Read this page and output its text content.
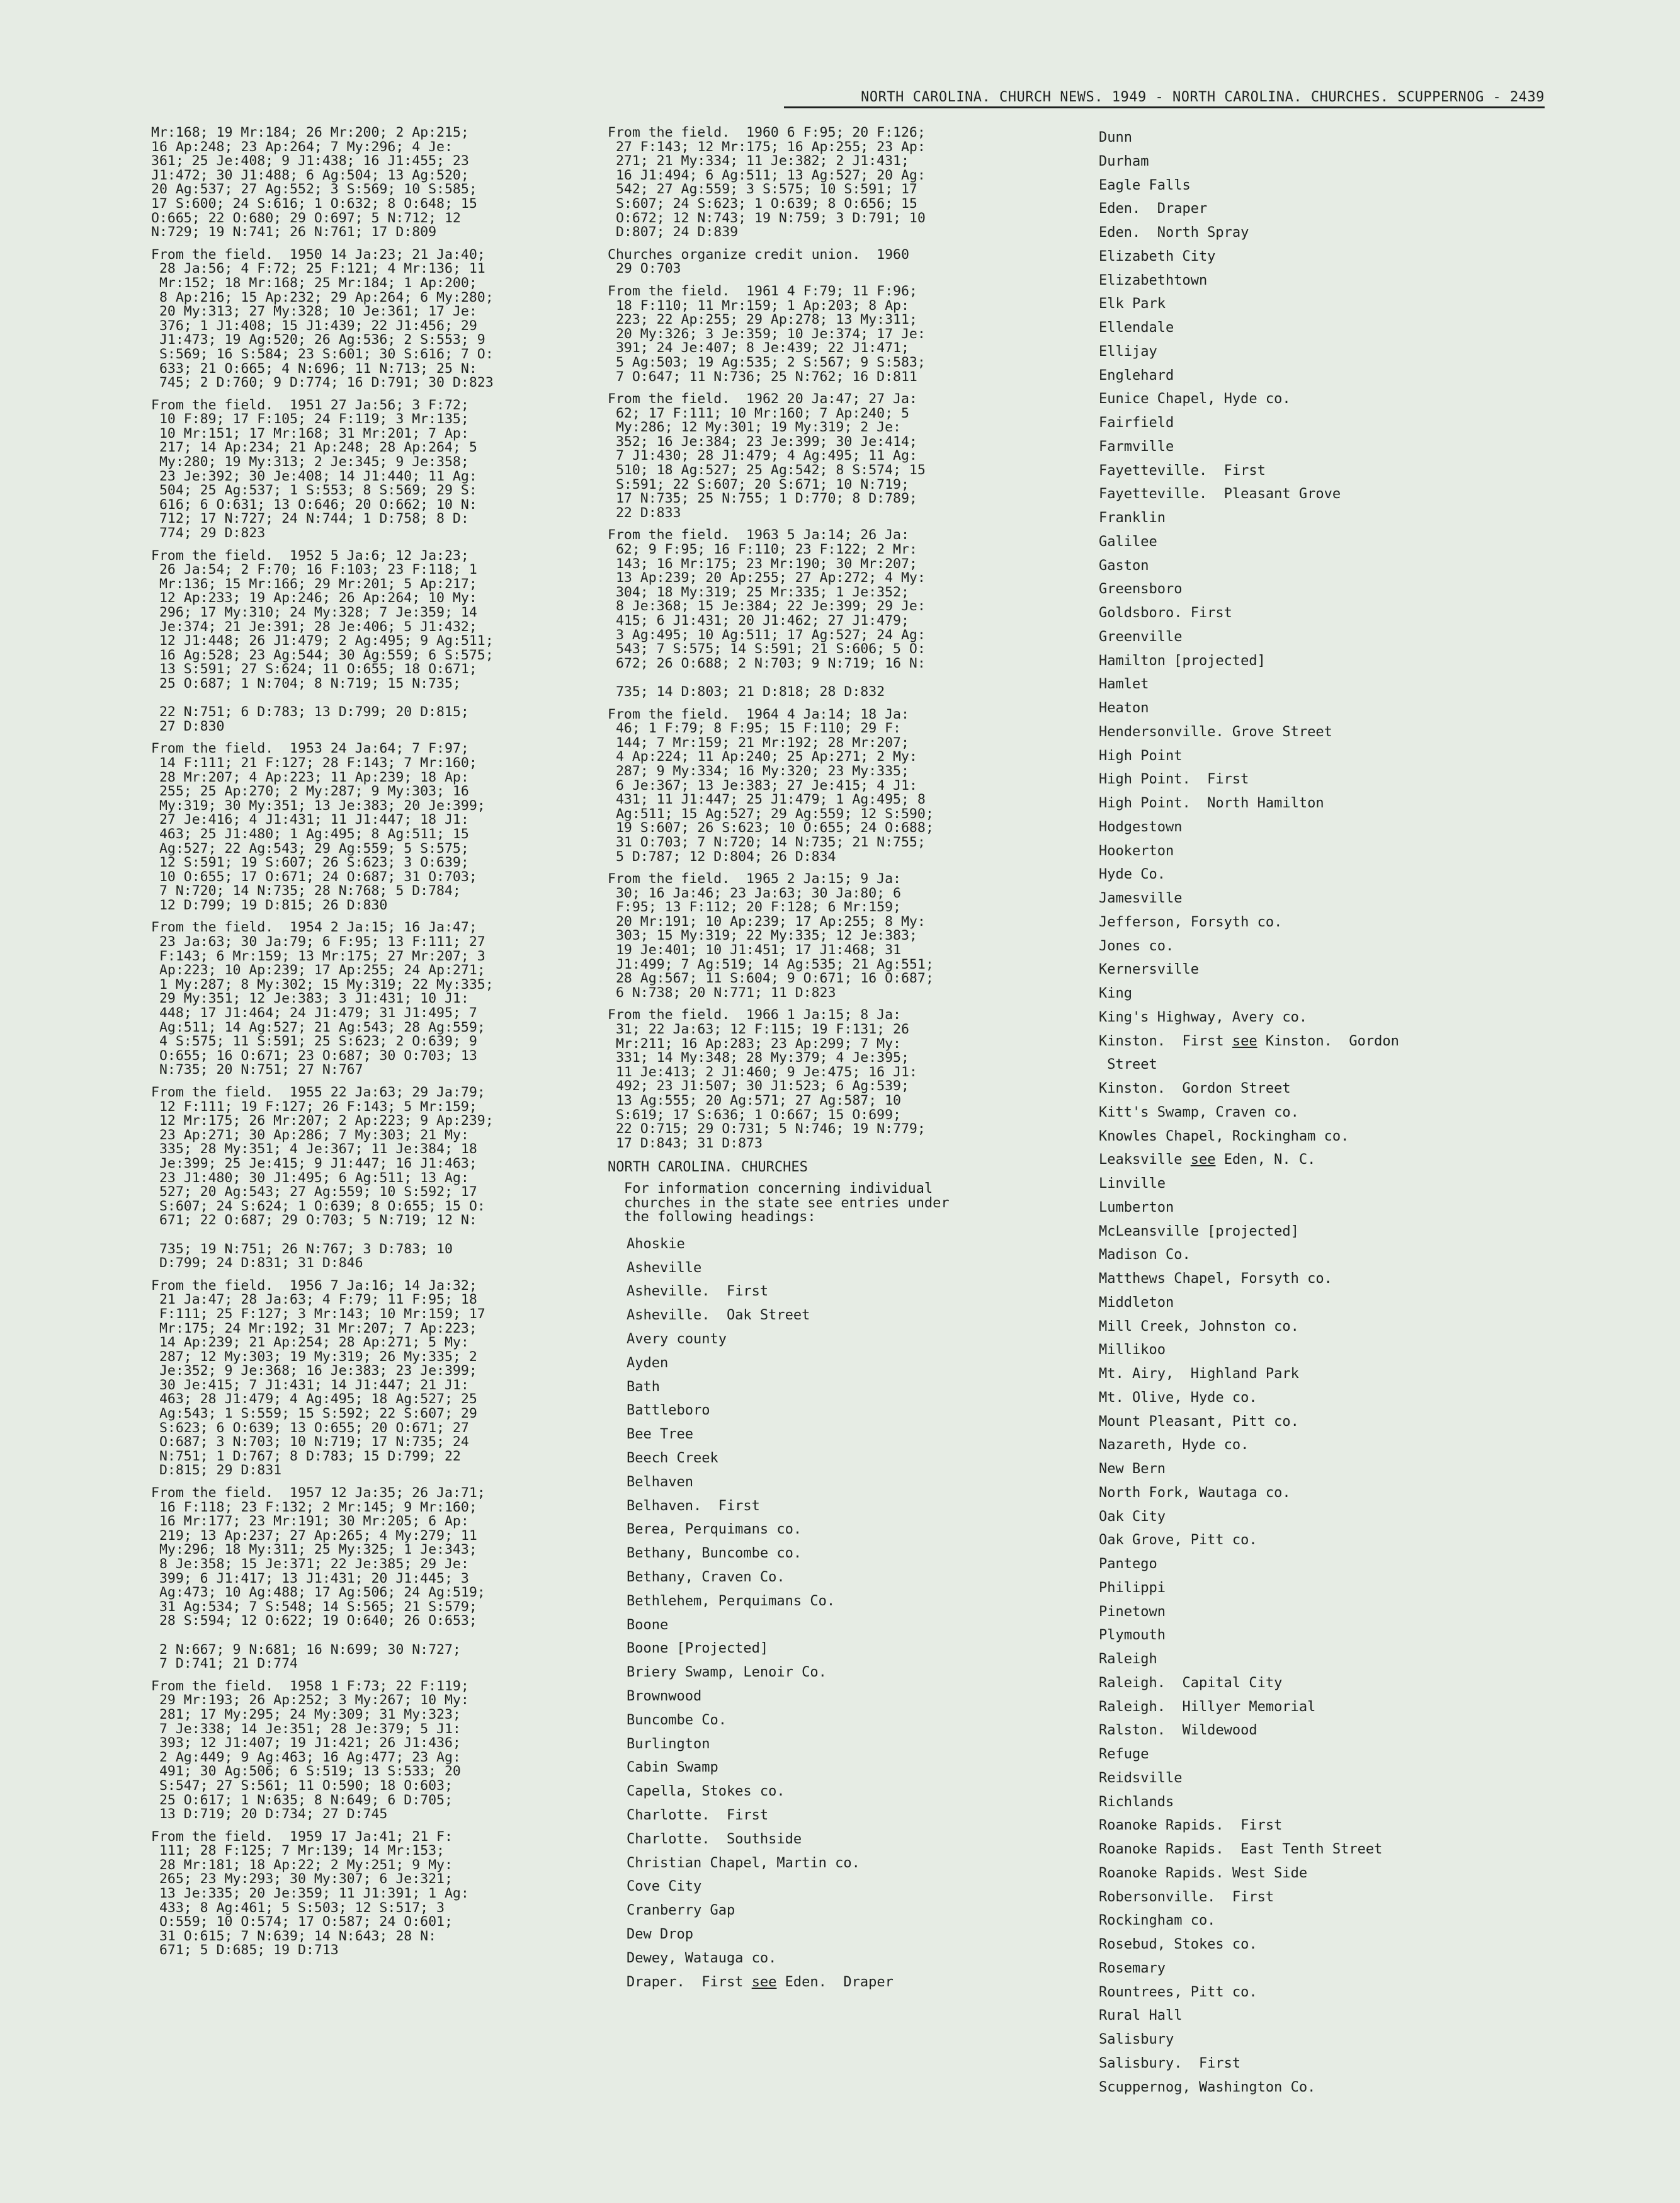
NORTH CAROLINA. CHURCH NEWS. 1949 - NORTH CAROLINA. CHURCHES. SCUPPERNOG - 2439
Mr:168; 19 Mr:184; 26 Mr:200; 2 Ap:215;
16 Ap:248; 23 Ap:264; 7 My:296; 4 Je:
361; 25 Je:408; 9 J1:438; 16 J1:455; 23
J1:472; 30 J1:488; 6 Ag:504; 13 Ag:520;
20 Ag:537; 27 Ag:552; 3 S:569; 10 S:585;
17 S:600; 24 S:616; 1 O:632; 8 O:648; 15
O:665; 22 O:680; 29 O:697; 5 N:712; 12
N:729; 19 N:741; 26 N:761; 17 D:809
From the field.  1950 14 Ja:23; 21 Ja:40;
28 Ja:56; 4 F:72; 25 F:121; 4 Mr:136; 11
Mr:152; 18 Mr:168; 25 Mr:184; 1 Ap:200;
8 Ap:216; 15 Ap:232; 29 Ap:264; 6 My:280;
20 My:313; 27 My:328; 10 Je:361; 17 Je:
376; 1 J1:408; 15 J1:439; 22 J1:456; 29
J1:473; 19 Ag:520; 26 Ag:536; 2 S:553; 9
S:569; 16 S:584; 23 S:601; 30 S:616; 7 O:
633; 21 O:665; 4 N:696; 11 N:713; 25 N:
745; 2 D:760; 9 D:774; 16 D:791; 30 D:823
From the field.  1951 27 Ja:56; 3 F:72;
10 F:89; 17 F:105; 24 F:119; 3 Mr:135;
10 Mr:151; 17 Mr:168; 31 Mr:201; 7 Ap:
217; 14 Ap:234; 21 Ap:248; 28 Ap:264; 5
My:280; 19 My:313; 2 Je:345; 9 Je:358;
23 Je:392; 30 Je:408; 14 J1:440; 11 Ag:
504; 25 Ag:537; 1 S:553; 8 S:569; 29 S:
616; 6 O:631; 13 O:646; 20 O:662; 10 N:
712; 17 N:727; 24 N:744; 1 D:758; 8 D:
774; 29 D:823
From the field.  1952 5 Ja:6; 12 Ja:23;
26 Ja:54; 2 F:70; 16 F:103; 23 F:118; 1
Mr:136; 15 Mr:166; 29 Mr:201; 5 Ap:217;
12 Ap:233; 19 Ap:246; 26 Ap:264; 10 My:
296; 17 My:310; 24 My:328; 7 Je:359; 14
Je:374; 21 Je:391; 28 Je:406; 5 J1:432;
12 J1:448; 26 J1:479; 2 Ag:495; 9 Ag:511;
16 Ag:528; 23 Ag:544; 30 Ag:559; 6 S:575;
13 S:591; 27 S:624; 11 O:655; 18 O:671;
25 O:687; 1 N:704; 8 N:719; 15 N:735;

22 N:751; 6 D:783; 13 D:799; 20 D:815;
27 D:830
From the field.  1953 24 Ja:64; 7 F:97;
14 F:111; 21 F:127; 28 F:143; 7 Mr:160;
28 Mr:207; 4 Ap:223; 11 Ap:239; 18 Ap:
255; 25 Ap:270; 2 My:287; 9 My:303; 16
My:319; 30 My:351; 13 Je:383; 20 Je:399;
27 Je:416; 4 J1:431; 11 J1:447; 18 J1:
463; 25 J1:480; 1 Ag:495; 8 Ag:511; 15
Ag:527; 22 Ag:543; 29 Ag:559; 5 S:575;
12 S:591; 19 S:607; 26 S:623; 3 O:639;
10 O:655; 17 O:671; 24 O:687; 31 O:703;
7 N:720; 14 N:735; 28 N:768; 5 D:784;
12 D:799; 19 D:815; 26 D:830
From the field.  1954 2 Ja:15; 16 Ja:47;
23 Ja:63; 30 Ja:79; 6 F:95; 13 F:111; 27
F:143; 6 Mr:159; 13 Mr:175; 27 Mr:207; 3
Ap:223; 10 Ap:239; 17 Ap:255; 24 Ap:271;
1 My:287; 8 My:302; 15 My:319; 22 My:335;
29 My:351; 12 Je:383; 3 J1:431; 10 J1:
448; 17 J1:464; 24 J1:479; 31 J1:495; 7
Ag:511; 14 Ag:527; 21 Ag:543; 28 Ag:559;
4 S:575; 11 S:591; 25 S:623; 2 O:639; 9
O:655; 16 O:671; 23 O:687; 30 O:703; 13
N:735; 20 N:751; 27 N:767
From the field.  1955 22 Ja:63; 29 Ja:79;
12 F:111; 19 F:127; 26 F:143; 5 Mr:159;
12 Mr:175; 26 Mr:207; 2 Ap:223; 9 Ap:239;
23 Ap:271; 30 Ap:286; 7 My:303; 21 My:
335; 28 My:351; 4 Je:367; 11 Je:384; 18
Je:399; 25 Je:415; 9 J1:447; 16 J1:463;
23 J1:480; 30 J1:495; 6 Ag:511; 13 Ag:
527; 20 Ag:543; 27 Ag:559; 10 S:592; 17
S:607; 24 S:624; 1 O:639; 8 O:655; 15 O:
671; 22 O:687; 29 O:703; 5 N:719; 12 N:

735; 19 N:751; 26 N:767; 3 D:783; 10
D:799; 24 D:831; 31 D:846
From the field.  1956 7 Ja:16; 14 Ja:32;
21 Ja:47; 28 Ja:63; 4 F:79; 11 F:95; 18
F:111; 25 F:127; 3 Mr:143; 10 Mr:159; 17
Mr:175; 24 Mr:192; 31 Mr:207; 7 Ap:223;
14 Ap:239; 21 Ap:254; 28 Ap:271; 5 My:
287; 12 My:303; 19 My:319; 26 My:335; 2
Je:352; 9 Je:368; 16 Je:383; 23 Je:399;
30 Je:415; 7 J1:431; 14 J1:447; 21 J1:
463; 28 J1:479; 4 Ag:495; 18 Ag:527; 25
Ag:543; 1 S:559; 15 S:592; 22 S:607; 29
S:623; 6 O:639; 13 O:655; 20 O:671; 27
O:687; 3 N:703; 10 N:719; 17 N:735; 24
N:751; 1 D:767; 8 D:783; 15 D:799; 22
D:815; 29 D:831
From the field.  1957 12 Ja:35; 26 Ja:71;
16 F:118; 23 F:132; 2 Mr:145; 9 Mr:160;
16 Mr:177; 23 Mr:191; 30 Mr:205; 6 Ap:
219; 13 Ap:237; 27 Ap:265; 4 My:279; 11
My:296; 18 My:311; 25 My:325; 1 Je:343;
8 Je:358; 15 Je:371; 22 Je:385; 29 Je:
399; 6 J1:417; 13 J1:431; 20 J1:445; 3
Ag:473; 10 Ag:488; 17 Ag:506; 24 Ag:519;
31 Ag:534; 7 S:548; 14 S:565; 21 S:579;
28 S:594; 12 O:622; 19 O:640; 26 O:653;

2 N:667; 9 N:681; 16 N:699; 30 N:727;
7 D:741; 21 D:774
From the field.  1958 1 F:73; 22 F:119;
29 Mr:193; 26 Ap:252; 3 My:267; 10 My:
281; 17 My:295; 24 My:309; 31 My:323;
7 Je:338; 14 Je:351; 28 Je:379; 5 J1:
393; 12 J1:407; 19 J1:421; 26 J1:436;
2 Ag:449; 9 Ag:463; 16 Ag:477; 23 Ag:
491; 30 Ag:506; 6 S:519; 13 S:533; 20
S:547; 27 S:561; 11 O:590; 18 O:603;
25 O:617; 1 N:635; 8 N:649; 6 D:705;
13 D:719; 20 D:734; 27 D:745
From the field.  1959 17 Ja:41; 21 F:
111; 28 F:125; 7 Mr:139; 14 Mr:153;
28 Mr:181; 18 Ap:22; 2 My:251; 9 My:
265; 23 My:293; 30 My:307; 6 Je:321;
13 Je:335; 20 Je:359; 11 J1:391; 1 Ag:
433; 8 Ag:461; 5 S:503; 12 S:517; 3
O:559; 10 O:574; 17 O:587; 24 O:601;
31 O:615; 7 N:639; 14 N:643; 28 N:
671; 5 D:685; 19 D:713
From the field.  1960 6 F:95; 20 F:126;
27 F:143; 12 Mr:175; 16 Ap:255; 23 Ap:
271; 21 My:334; 11 Je:382; 2 J1:431;
16 J1:494; 6 Ag:511; 13 Ag:527; 20 Ag:
542; 27 Ag:559; 3 S:575; 10 S:591; 17
S:607; 24 S:623; 1 O:639; 8 O:656; 15
O:672; 12 N:743; 19 N:759; 3 D:791; 10
D:807; 24 D:839
Churches organize credit union.  1960
29 O:703
From the field.  1961 4 F:79; 11 F:96;
18 F:110; 11 Mr:159; 1 Ap:203; 8 Ap:
223; 22 Ap:255; 29 Ap:278; 13 My:311;
20 My:326; 3 Je:359; 10 Je:374; 17 Je:
391; 24 Je:407; 8 Je:439; 22 J1:471;
5 Ag:503; 19 Ag:535; 2 S:567; 9 S:583;
7 O:647; 11 N:736; 25 N:762; 16 D:811
From the field.  1962 20 Ja:47; 27 Ja:
62; 17 F:111; 10 Mr:160; 7 Ap:240; 5
My:286; 12 My:301; 19 My:319; 2 Je:
352; 16 Je:384; 23 Je:399; 30 Je:414;
7 J1:430; 28 J1:479; 4 Ag:495; 11 Ag:
510; 18 Ag:527; 25 Ag:542; 8 S:574; 15
S:591; 22 S:607; 20 S:671; 10 N:719;
17 N:735; 25 N:755; 1 D:770; 8 D:789;
22 D:833
From the field.  1963 5 Ja:14; 26 Ja:
62; 9 F:95; 16 F:110; 23 F:122; 2 Mr:
143; 16 Mr:175; 23 Mr:190; 30 Mr:207;
13 Ap:239; 20 Ap:255; 27 Ap:272; 4 My:
304; 18 My:319; 25 Mr:335; 1 Je:352;
8 Je:368; 15 Je:384; 22 Je:399; 29 Je:
415; 6 J1:431; 20 J1:462; 27 J1:479;
3 Ag:495; 10 Ag:511; 17 Ag:527; 24 Ag:
543; 7 S:575; 14 S:591; 21 S:606; 5 O:
672; 26 O:688; 2 N:703; 9 N:719; 16 N:

735; 14 D:803; 21 D:818; 28 D:832
From the field.  1964 4 Ja:14; 18 Ja:
46; 1 F:79; 8 F:95; 15 F:110; 29 F:
144; 7 Mr:159; 21 Mr:192; 28 Mr:207;
4 Ap:224; 11 Ap:240; 25 Ap:271; 2 My:
287; 9 My:334; 16 My:320; 23 My:335;
6 Je:367; 13 Je:383; 27 Je:415; 4 J1:
431; 11 J1:447; 25 J1:479; 1 Ag:495; 8
Ag:511; 15 Ag:527; 29 Ag:559; 12 S:590;
19 S:607; 26 S:623; 10 O:655; 24 O:688;
31 O:703; 7 N:720; 14 N:735; 21 N:755;
5 D:787; 12 D:804; 26 D:834
From the field.  1965 2 Ja:15; 9 Ja:
30; 16 Ja:46; 23 Ja:63; 30 Ja:80; 6
F:95; 13 F:112; 20 F:128; 6 Mr:159;
20 Mr:191; 10 Ap:239; 17 Ap:255; 8 My:
303; 15 My:319; 22 My:335; 12 Je:383;
19 Je:401; 10 J1:451; 17 J1:468; 31
J1:499; 7 Ag:519; 14 Ag:535; 21 Ag:551;
28 Ag:567; 11 S:604; 9 O:671; 16 O:687;
6 N:738; 20 N:771; 11 D:823
From the field.  1966 1 Ja:15; 8 Ja:
31; 22 Ja:63; 12 F:115; 19 F:131; 26
Mr:211; 16 Ap:283; 23 Ap:299; 7 My:
331; 14 My:348; 28 My:379; 4 Je:395;
11 Je:413; 2 J1:460; 9 Je:475; 16 J1:
492; 23 J1:507; 30 J1:523; 6 Ag:539;
13 Ag:555; 20 Ag:571; 27 Ag:587; 10
S:619; 17 S:636; 1 O:667; 15 O:699;
22 O:715; 29 O:731; 5 N:746; 19 N:779;
17 D:843; 31 D:873
NORTH CAROLINA. CHURCHES
For information concerning individual
churches in the state see entries under
the following headings:
Ahoskie
Asheville
Asheville.  First
Asheville.  Oak Street
Avery county
Ayden
Bath
Battleboro
Bee Tree
Beech Creek
Belhaven
Belhaven.  First
Berea, Perquimans co.
Bethany, Buncombe co.
Bethany, Craven Co.
Bethlehem, Perquimans Co.
Boone
Boone [Projected]
Briery Swamp, Lenoir Co.
Brownwood
Buncombe Co.
Burlington
Cabin Swamp
Capella, Stokes co.
Charlotte.  First
Charlotte.  Southside
Christian Chapel, Martin co.
Cove City
Cranberry Gap
Dew Drop
Dewey, Watauga co.
Draper.  First see Eden.  Draper
Dunn
Durham
Eagle Falls
Eden.  Draper
Eden.  North Spray
Elizabeth City
Elizabethtown
Elk Park
Ellendale
Ellijay
Englehard
Eunice Chapel, Hyde co.
Fairfield
Farmville
Fayetteville.  First
Fayetteville.  Pleasant Grove
Franklin
Galilee
Gaston
Greensboro
Goldsboro. First
Greenville
Hamilton [projected]
Hamlet
Heaton
Hendersonville. Grove Street
High Point
High Point.  First
High Point.  North Hamilton
Hodgestown
Hookerton
Hyde Co.
Jamesville
Jefferson, Forsyth co.
Jones co.
Kernersville
King
King's Highway, Avery co.
Kinston.  First see Kinston.  Gordon
Street
Kinston.  Gordon Street
Kitt's Swamp, Craven co.
Knowles Chapel, Rockingham co.
Leaksville see Eden, N. C.
Linville
Lumberton
McLeansville [projected]
Madison Co.
Matthews Chapel, Forsyth co.
Middleton
Mill Creek, Johnston co.
Millikoo
Mt. Airy,  Highland Park
Mt. Olive, Hyde co.
Mount Pleasant, Pitt co.
Nazareth, Hyde co.
New Bern
North Fork, Wautaga co.
Oak City
Oak Grove, Pitt co.
Pantego
Philippi
Pinetown
Plymouth
Raleigh
Raleigh.  Capital City
Raleigh.  Hillyer Memorial
Ralston.  Wildewood
Refuge
Reidsville
Richlands
Roanoke Rapids.  First
Roanoke Rapids.  East Tenth Street
Roanoke Rapids. West Side
Robersonville.  First
Rockingham co.
Rosebud, Stokes co.
Rosemary
Rountrees, Pitt co.
Rural Hall
Salisbury
Salisbury.  First
Scuppernog, Washington Co.
